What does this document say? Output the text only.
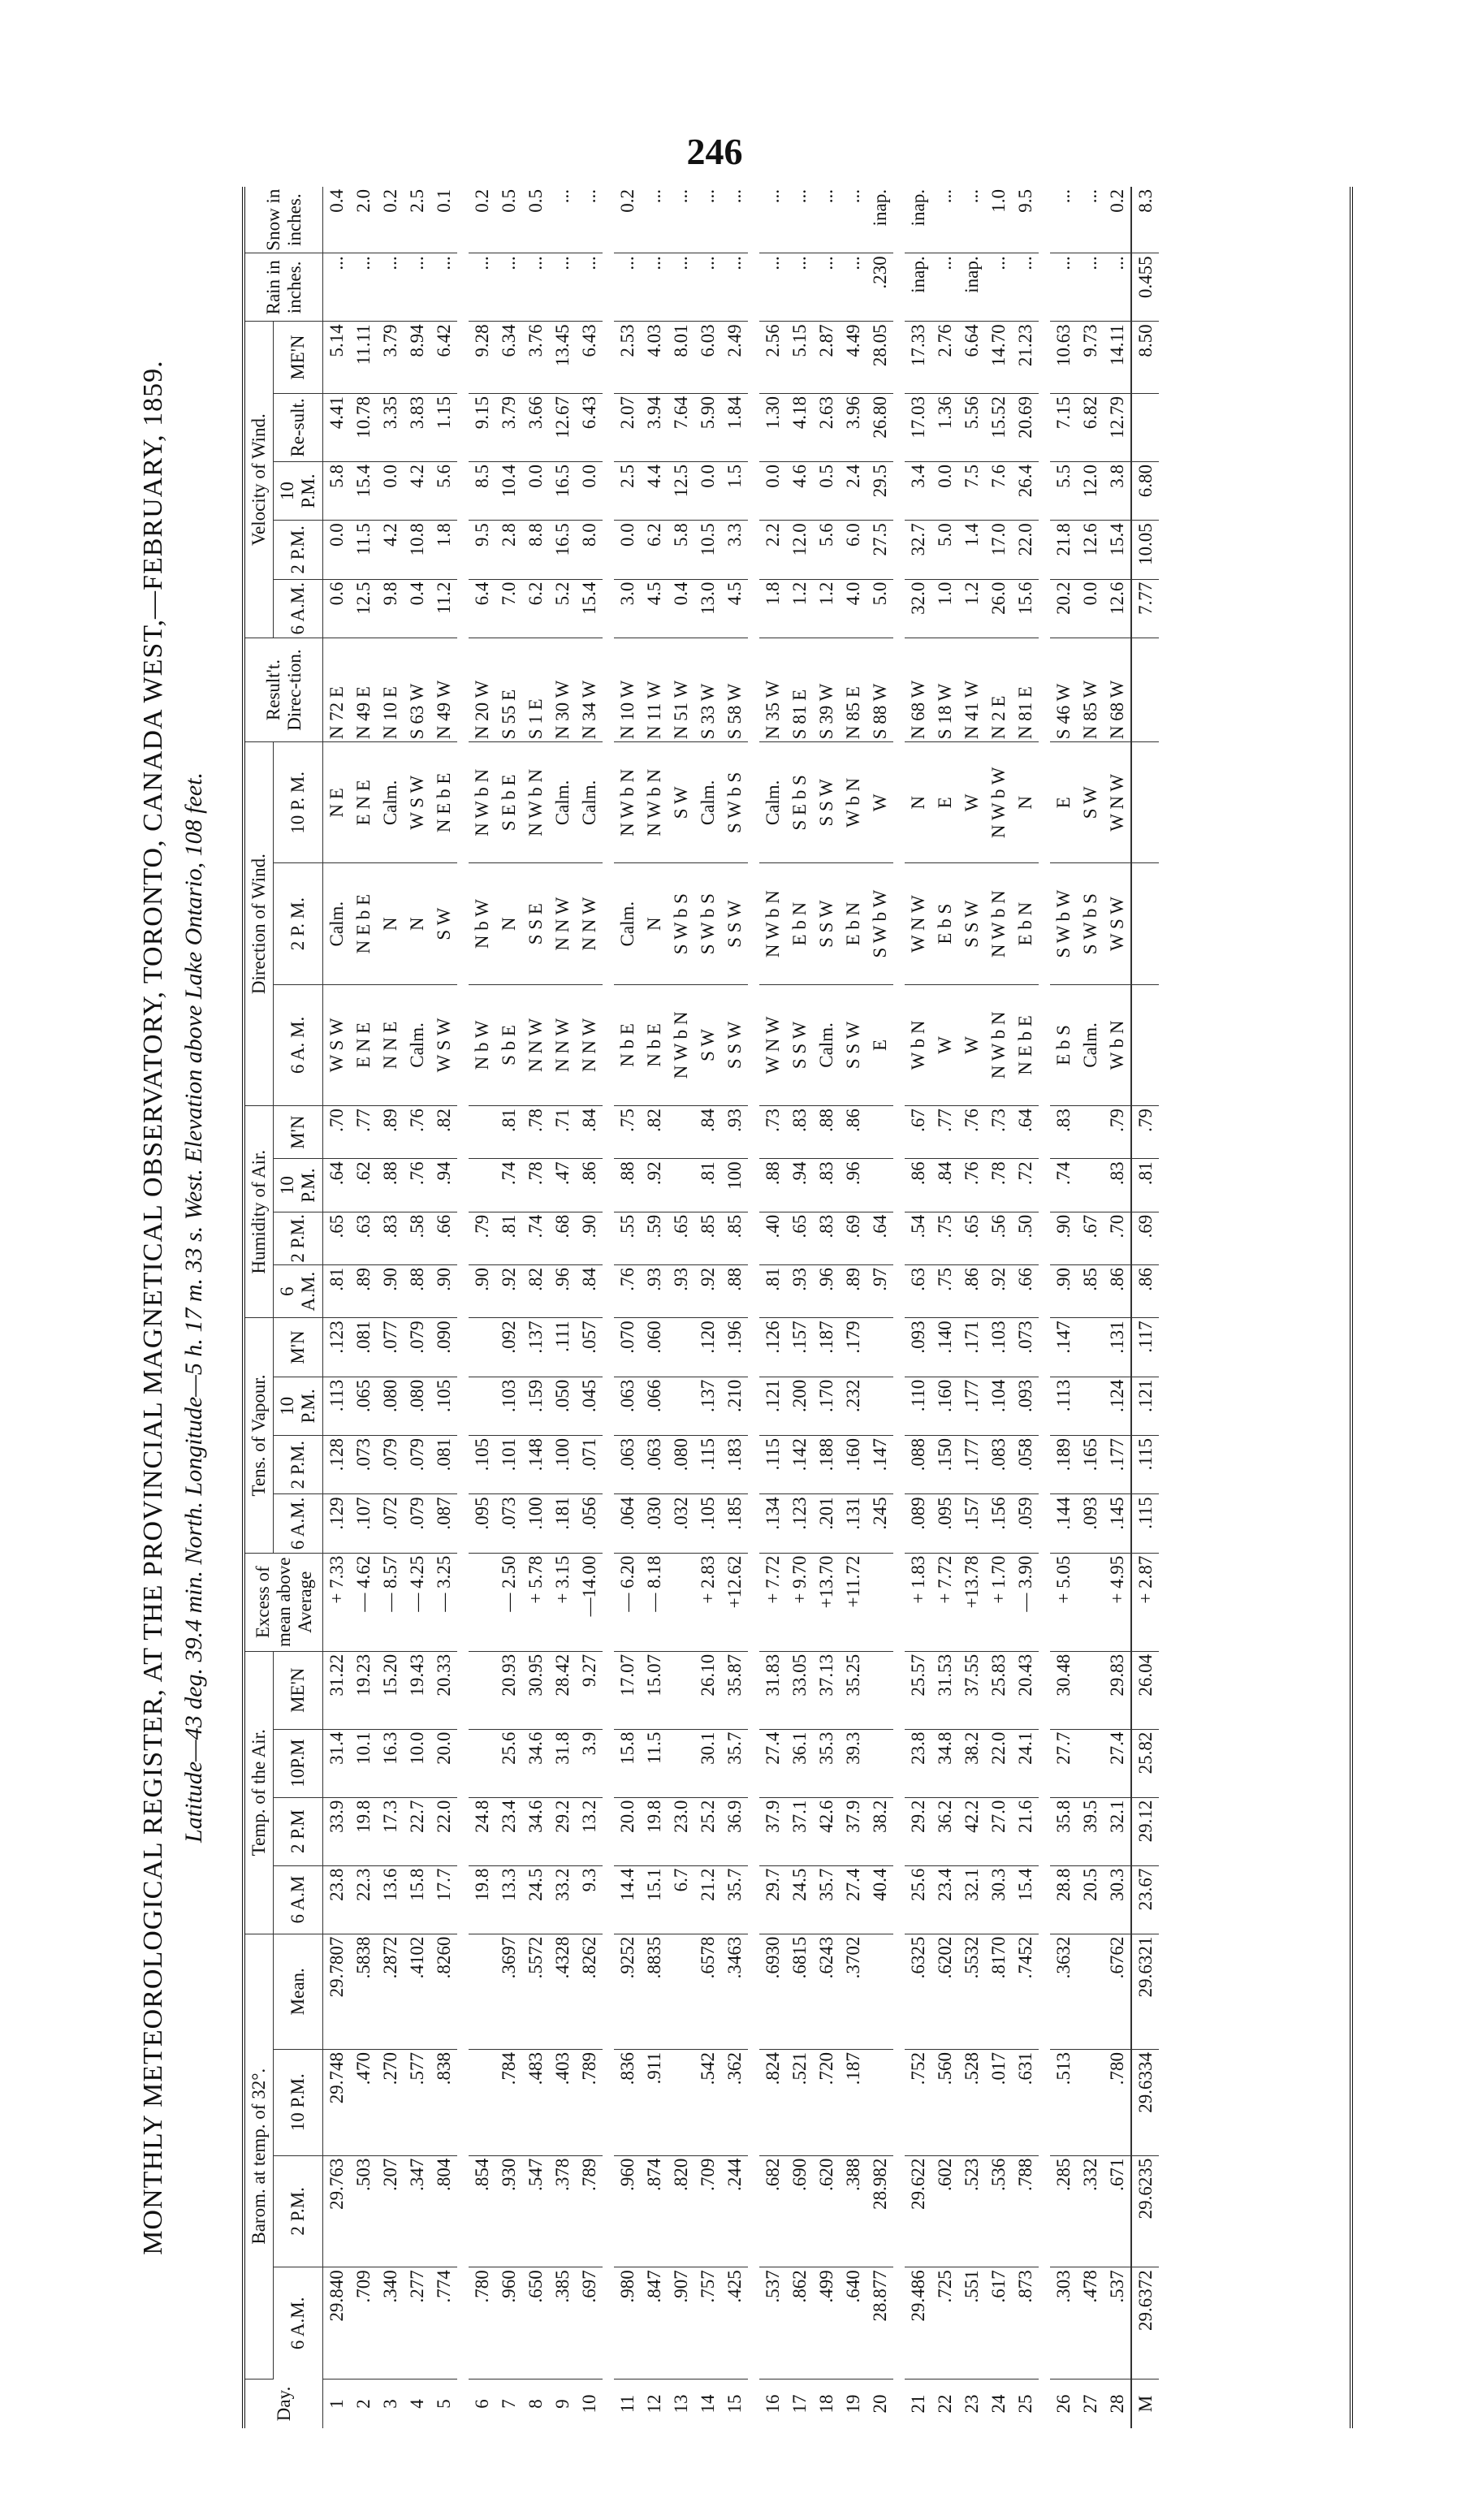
246
MONTHLY METEOROLOGICAL REGISTER, AT THE PROVINCIAL MAGNETICAL OBSERVATORY, TORONTO, CANADA WEST,—FEBRUARY, 1859. Latitude—43 deg. 39.4 min. North. Longitude—5 h. 17 m. 33 s. West. Elevation above Lake Ontario, 108 feet.
Day.	Barom. at temp. of 32°.				Temp. of the Air.				Excess of mean above Average	Tens. of Vapour.				Humidity of Air.				Direction of Wind.			Result't. Direc-tion.	Velocity of Wind.					Rain in inches.	Snow in inches.
	6 A.M.	2 P.M.	10 P.M.	Mean.	6 A.M	2 P.M	10P.M	ME'N		6 A.M.	2 P.M.	10 P.M.	M'N	6 A.M.	2 P.M.	10 P.M.	M'N	6 A. M.	2 P. M.	10 P. M.		6 A.M.	2 P.M.	10 P.M.	Re-sult.	ME'N		
1	29.840	29.763	29.748	29.7807	23.8	33.9	31.4	31.22	+ 7.33	.129	.128	.113	.123	.81	.65	.64	.70	W S W	Calm.	N E	N 72 E	0.6	0.0	5.8	4.41	5.14	...	0.4
2	.709	.503	.470	.5838	22.3	19.8	10.1	19.23	— 4.62	.107	.073	.065	.081	.89	.63	.62	.77	E N E	N E b E	E N E	N 49 E	12.5	11.5	15.4	10.78	11.11	...	2.0
3	.340	.207	.270	.2872	13.6	17.3	16.3	15.20	— 8.57	.072	.079	.080	.077	.90	.83	.88	.89	N N E	N	Calm.	N 10 E	9.8	4.2	0.0	3.35	3.79	...	0.2
4	.277	.347	.577	.4102	15.8	22.7	10.0	19.43	— 4.25	.079	.079	.080	.079	.88	.58	.76	.76	Calm.	N	W S W	S 63 W	0.4	10.8	4.2	3.83	8.94	...	2.5
5	.774	.804	.838	.8260	17.7	22.0	20.0	20.33	— 3.25	.087	.081	.105	.090	.90	.66	.94	.82	W S W	S W	N E b E	N 49 W	11.2	1.8	5.6	1.15	6.42	...	0.1

6	.780	.854			19.8	24.8				.095	.105			.90	.79			N b W	N b W	N W b N	N 20 W	6.4	9.5	8.5	9.15	9.28	...	0.2
7	.960	.930	.784	.3697	13.3	23.4	25.6	20.93	— 2.50	.073	.101	.103	.092	.92	.81	.74	.81	S b E	N	S E b E	S 55 E	7.0	2.8	10.4	3.79	6.34	...	0.5
8	.650	.547	.483	.5572	24.5	34.6	34.6	30.95	+ 5.78	.100	.148	.159	.137	.82	.74	.78	.78	N N W	S S E	N W b N	S 1 E	6.2	8.8	0.0	3.66	3.76	...	0.5
9	.385	.378	.403	.4328	33.2	29.2	31.8	28.42	+ 3.15	.181	.100	.050	.111	.96	.68	.47	.71	N N W	N N W	Calm.	N 30 W	5.2	16.5	16.5	12.67	13.45	...	...
10	.697	.789	.789	.8262	9.3	13.2	3.9	9.27	—14.00	.056	.071	.045	.057	.84	.90	.86	.84	N N W	N N W	Calm.	N 34 W	15.4	8.0	0.0	6.43	6.43	...	...

11	.980	.960	.836	.9252	14.4	20.0	15.8	17.07	— 6.20	.064	.063	.063	.070	.76	.55	.88	.75	N b E	Calm.	N W b N	N 10 W	3.0	0.0	2.5	2.07	2.53	...	0.2
12	.847	.874	.911	.8835	15.1	19.8	11.5	15.07	— 8.18	.030	.063	.066	.060	.93	.59	.92	.82	N b E	N	N W b N	N 11 W	4.5	6.2	4.4	3.94	4.03	...	...
13	.907	.820			6.7	23.0				.032	.080			.93	.65			N W b N	S W b S	S W	N 51 W	0.4	5.8	12.5	7.64	8.01	...	...
14	.757	.709	.542	.6578	21.2	25.2	30.1	26.10	+ 2.83	.105	.115	.137	.120	.92	.85	.81	.84	S W	S W b S	Calm.	S 33 W	13.0	10.5	0.0	5.90	6.03	...	...
15	.425	.244	.362	.3463	35.7	36.9	35.7	35.87	+12.62	.185	.183	.210	.196	.88	.85	100	.93	S S W	S S W	S W b S	S 58 W	4.5	3.3	1.5	1.84	2.49	...	...

16	.537	.682	.824	.6930	29.7	37.9	27.4	31.83	+ 7.72	.134	.115	.121	.126	.81	.40	.88	.73	W N W	N W b N	Calm.	N 35 W	1.8	2.2	0.0	1.30	2.56	...	...
17	.862	.690	.521	.6815	24.5	37.1	36.1	33.05	+ 9.70	.123	.142	.200	.157	.93	.65	.94	.83	S S W	E b N	S E b S	S 81 E	1.2	12.0	4.6	4.18	5.15	...	...
18	.499	.620	.720	.6243	35.7	42.6	35.3	37.13	+13.70	.201	.188	.170	.187	.96	.83	.83	.88	Calm.	S S W	S S W	S 39 W	1.2	5.6	0.5	2.63	2.87	...	...
19	.640	.388	.187	.3702	27.4	37.9	39.3	35.25	+11.72	.131	.160	.232	.179	.89	.69	.96	.86	S S W	E b N	W b N	N 85 E	4.0	6.0	2.4	3.96	4.49	...	...
20	28.877	28.982			40.4	38.2				.245	.147			.97	.64			E	S W b W	W	S 88 W	5.0	27.5	29.5	26.80	28.05	.230	inap.

21	29.486	29.622	.752	.6325	25.6	29.2	23.8	25.57	+ 1.83	.089	.088	.110	.093	.63	.54	.86	.67	W b N	W N W	N	N 68 W	32.0	32.7	3.4	17.03	17.33	inap.	inap.
22	.725	.602	.560	.6202	23.4	36.2	34.8	31.53	+ 7.72	.095	.150	.160	.140	.75	.75	.84	.77	W	E b S	E	S 18 W	1.0	5.0	0.0	1.36	2.76	...	...
23	.551	.523	.528	.5532	32.1	42.2	38.2	37.55	+13.78	.157	.177	.177	.171	.86	.65	.76	.76	W	S S W	W	N 41 W	1.2	1.4	7.5	5.56	6.64	inap.	...
24	.617	.536	.017	.8170	30.3	27.0	22.0	25.83	+ 1.70	.156	.083	.104	.103	.92	.56	.78	.73	N W b N	N W b N	N W b W	N 2 E	26.0	17.0	7.6	15.52	14.70	...	1.0
25	.873	.788	.631	.7452	15.4	21.6	24.1	20.43	— 3.90	.059	.058	.093	.073	.66	.50	.72	.64	N E b E	E b N	N	N 81 E	15.6	22.0	26.4	20.69	21.23	...	9.5

26	.303	.285	.513	.3632	28.8	35.8	27.7	30.48	+ 5.05	.144	.189	.113	.147	.90	.90	.74	.83	E b S	S W b W	E	S 46 W	20.2	21.8	5.5	7.15	10.63	...	...
27	.478	.332			20.5	39.5				.093	.165			.85	.67			Calm.	S W b S	S W	N 85 W	0.0	12.6	12.0	6.82	9.73	...	...
28	.537	.671	.780	.6762	30.3	32.1	27.4	29.83	+ 4.95	.145	.177	.124	.131	.86	.70	.83	.79	W b N	W S W	W N W	N 68 W	12.6	15.4	3.8	12.79	14.11	...	0.2
M	29.6372	29.6235	29.6334	29.6321	23.67	29.12	25.82	26.04	+ 2.87	.115	.115	.121	.117	.86	.69	.81	.79					7.77	10.05	6.80		8.50	0.455	8.3
